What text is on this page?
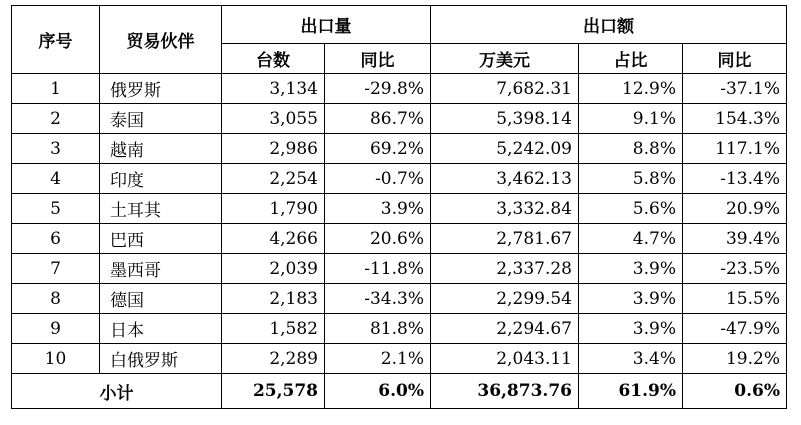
序号	贸易伙伴	出口量		出口额		
		台数	同比	万美元	占比	同比
1	俄罗斯	3,134	-29.8%	7,682.31	12.9%	-37.1%
2	泰国	3,055	86.7%	5,398.14	9.1%	154.3%
3	越南	2,986	69.2%	5,242.09	8.8%	117.1%
4	印度	2,254	-0.7%	3,462.13	5.8%	-13.4%
5	土耳其	1,790	3.9%	3,332.84	5.6%	20.9%
6	巴西	4,266	20.6%	2,781.67	4.7%	39.4%
7	墨西哥	2,039	-11.8%	2,337.28	3.9%	-23.5%
8	德国	2,183	-34.3%	2,299.54	3.9%	15.5%
9	日本	1,582	81.8%	2,294.67	3.9%	-47.9%
10	白俄罗斯	2,289	2.1%	2,043.11	3.4%	19.2%
小计		25,578	6.0%	36,873.76	61.9%	0.6%
